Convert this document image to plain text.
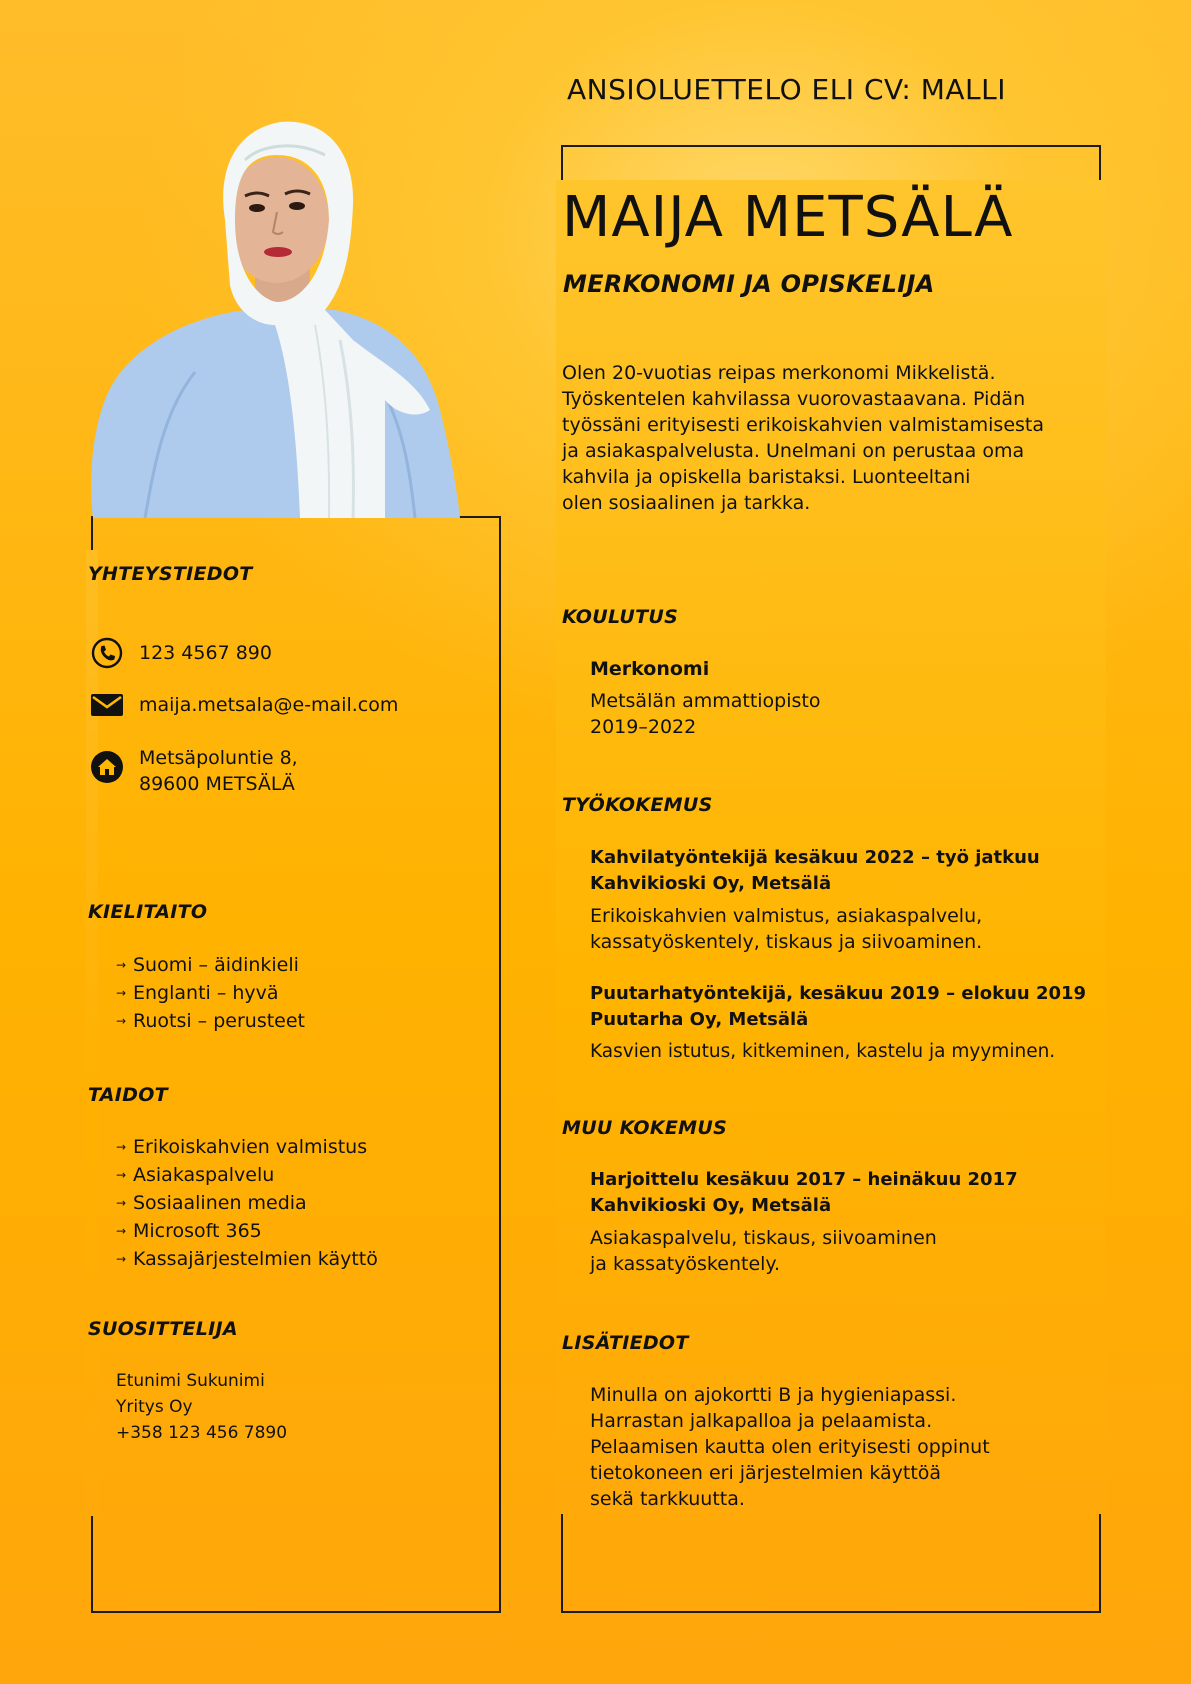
ANSIOLUETTELO ELI CV: MALLI
MAIJA METSÄLÄ
MERKONOMI JA OPISKELIJA
Olen 20-vuotias reipas merkonomi Mikkelistä.
Työskentelen kahvilassa vuorovastaavana. Pidän
työssäni erityisesti erikoiskahvien valmistamisesta
ja asiakaspalvelusta. Unelmani on perustaa oma
kahvila ja opiskella baristaksi. Luonteeltani
olen sosiaalinen ja tarkka.
YHTEYSTIEDOT
123 4567 890
maija.metsala@e-mail.com
Metsäpoluntie 8,
89600 METSÄLÄ
KIELITAITO
→ Suomi – äidinkieli
→ Englanti – hyvä
→ Ruotsi – perusteet
TAIDOT
→ Erikoiskahvien valmistus
→ Asiakaspalvelu
→ Sosiaalinen media
→ Microsoft 365
→ Kassajärjestelmien käyttö
SUOSITTELIJA
Etunimi Sukunimi
Yritys Oy
+358 123 456 7890
KOULUTUS
Merkonomi
Metsälän ammattiopisto
2019–2022
TYÖKOKEMUS
Kahvilatyöntekijä kesäkuu 2022 – työ jatkuu
Kahvikioski Oy, Metsälä
Erikoiskahvien valmistus, asiakaspalvelu,
kassatyöskentely, tiskaus ja siivoaminen.
Puutarhatyöntekijä, kesäkuu 2019 – elokuu 2019
Puutarha Oy, Metsälä
Kasvien istutus, kitkeminen, kastelu ja myyminen.
MUU KOKEMUS
Harjoittelu kesäkuu 2017 – heinäkuu 2017
Kahvikioski Oy, Metsälä
Asiakaspalvelu, tiskaus, siivoaminen
ja kassatyöskentely.
LISÄTIEDOT
Minulla on ajokortti B ja hygieniapassi.
Harrastan jalkapalloa ja pelaamista.
Pelaamisen kautta olen erityisesti oppinut
tietokoneen eri järjestelmien käyttöä
sekä tarkkuutta.
